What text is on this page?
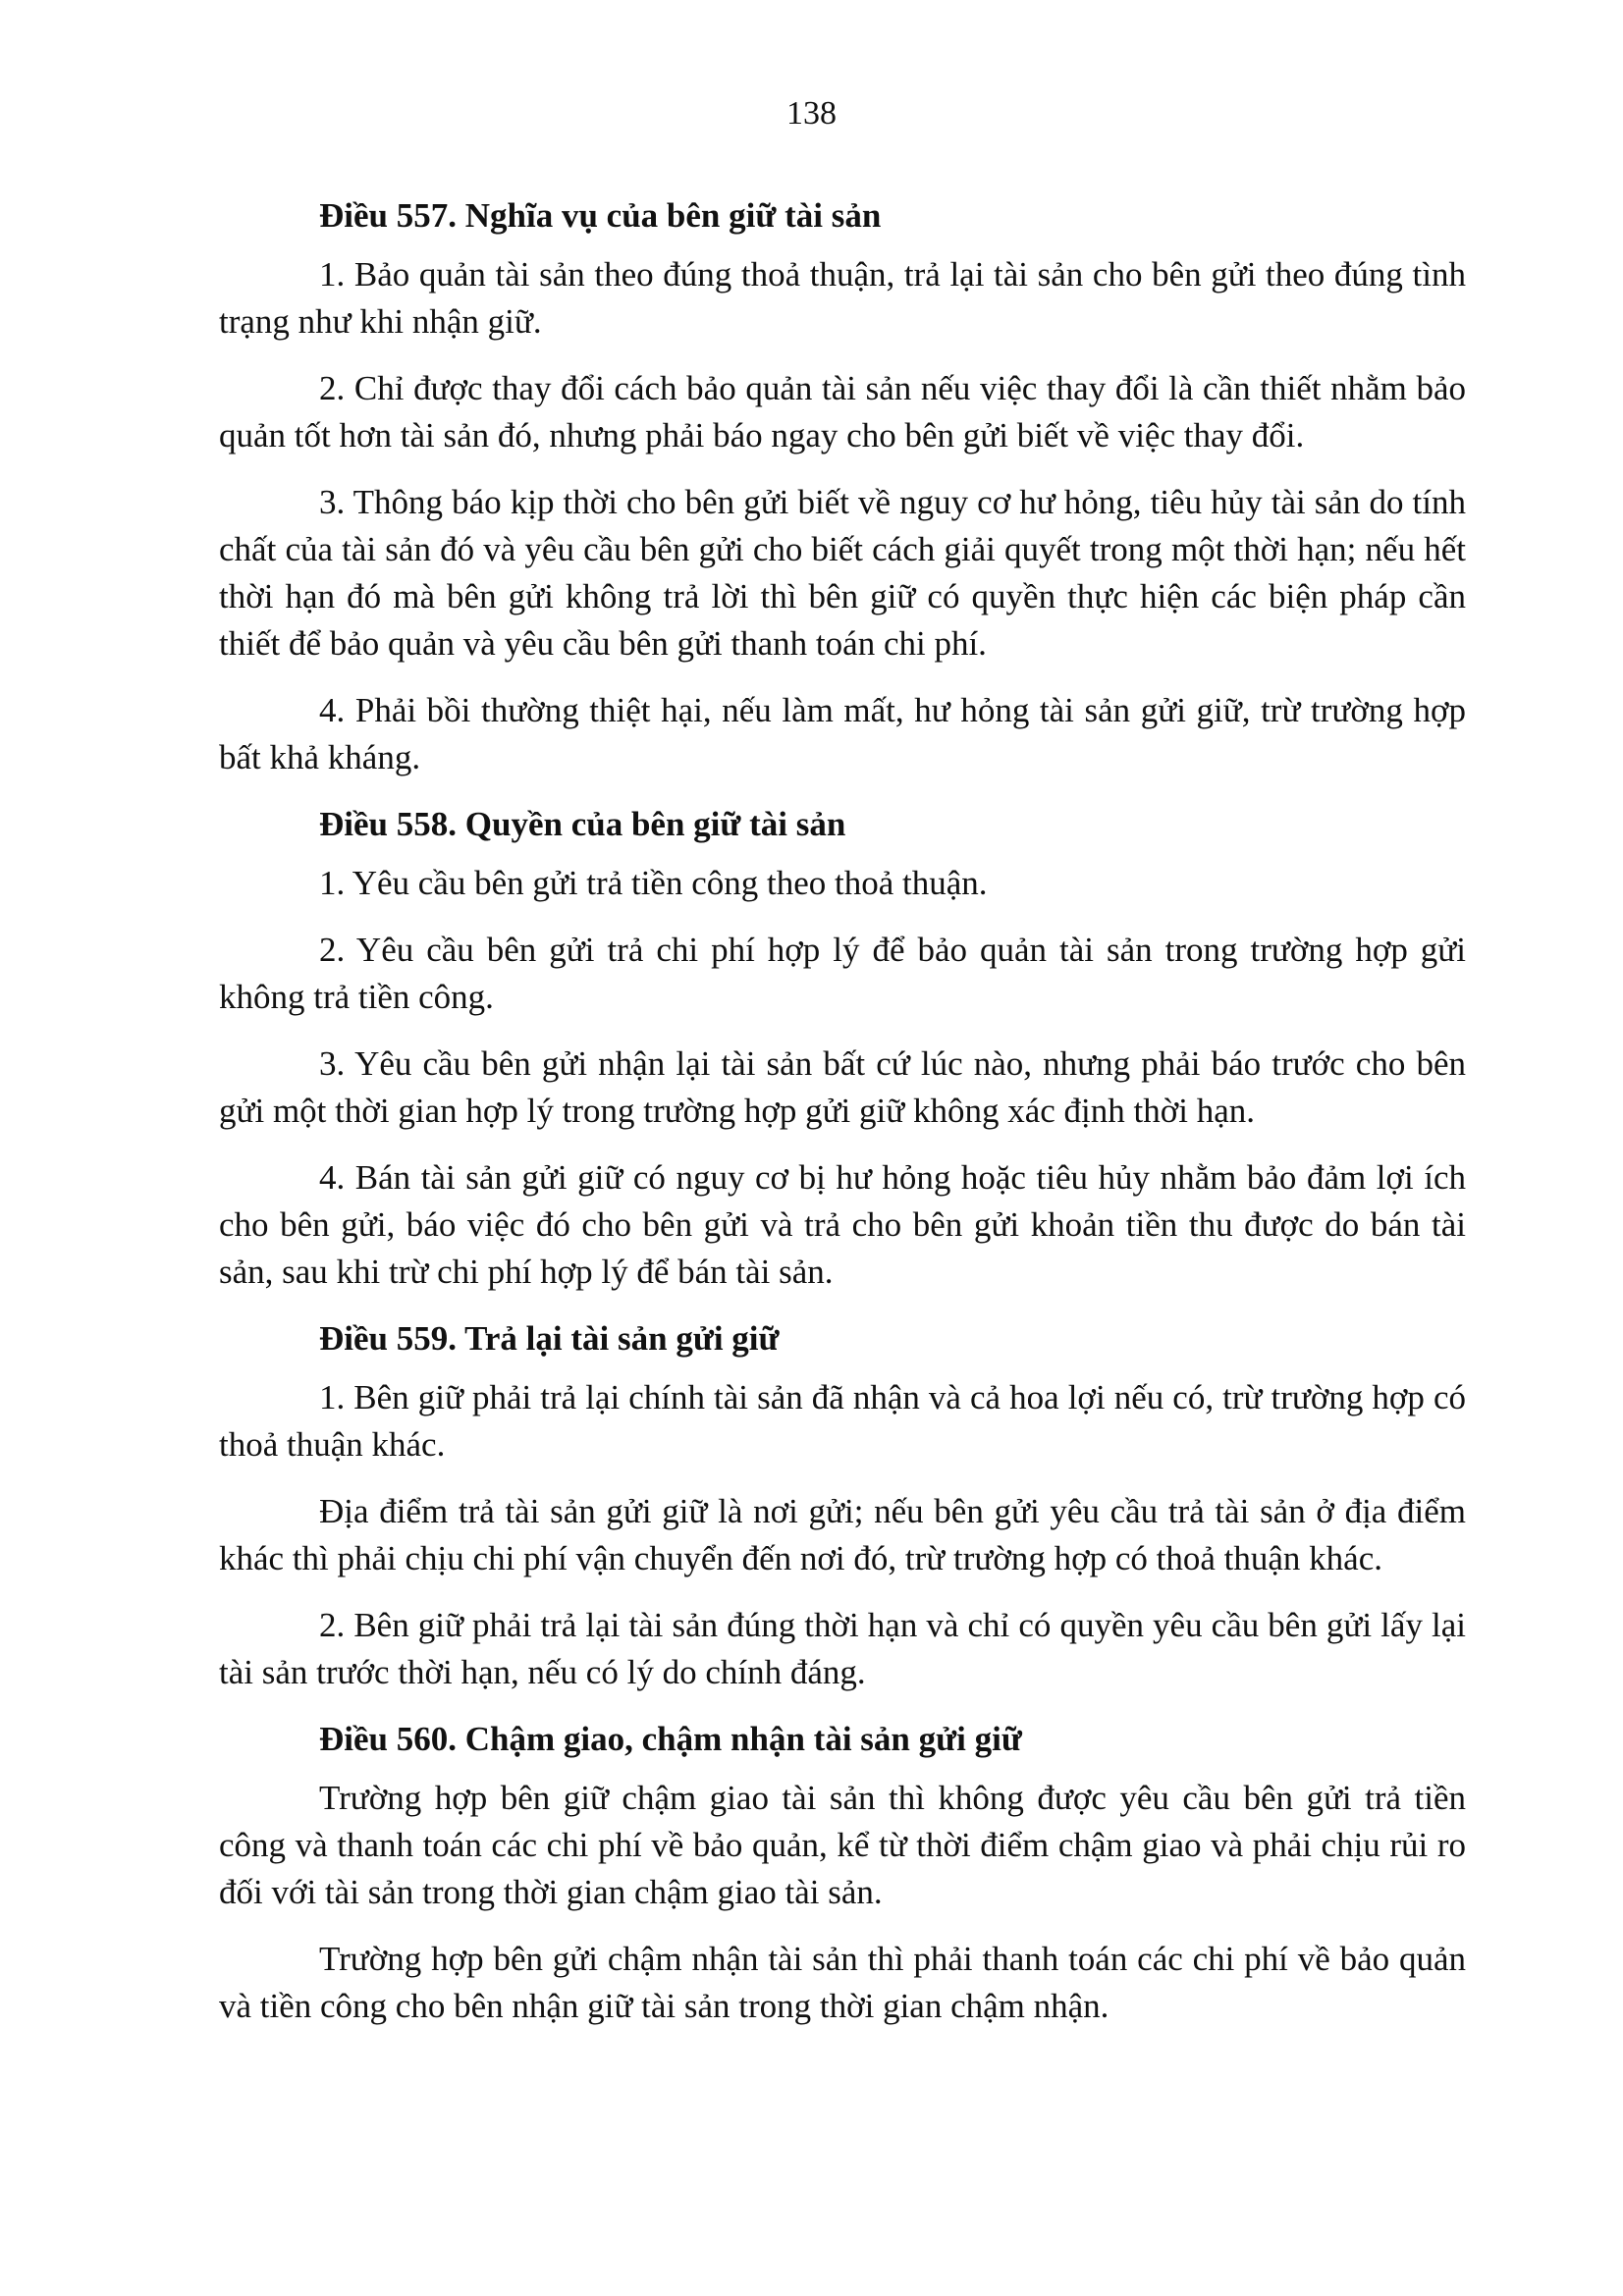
138
Điều 557. Nghĩa vụ của bên giữ tài sản

1. Bảo quản tài sản theo đúng thoả thuận, trả lại tài sản cho bên gửi theo đúng tình trạng như khi nhận giữ.

2. Chỉ được thay đổi cách bảo quản tài sản nếu việc thay đổi là cần thiết nhằm bảo quản tốt hơn tài sản đó, nhưng phải báo ngay cho bên gửi biết về việc thay đổi.

3. Thông báo kịp thời cho bên gửi biết về nguy cơ hư hỏng, tiêu hủy tài sản do tính chất của tài sản đó và yêu cầu bên gửi cho biết cách giải quyết trong một thời hạn; nếu hết thời hạn đó mà bên gửi không trả lời thì bên giữ có quyền thực hiện các biện pháp cần thiết để bảo quản và yêu cầu bên gửi thanh toán chi phí.

4. Phải bồi thường thiệt hại, nếu làm mất, hư hỏng tài sản gửi giữ, trừ trường hợp bất khả kháng.

Điều 558. Quyền của bên giữ tài sản

1. Yêu cầu bên gửi trả tiền công theo thoả thuận.

2. Yêu cầu bên gửi trả chi phí hợp lý để bảo quản tài sản trong trường hợp gửi không trả tiền công.

3. Yêu cầu bên gửi nhận lại tài sản bất cứ lúc nào, nhưng phải báo trước cho bên gửi một thời gian hợp lý trong trường hợp gửi giữ không xác định thời hạn.

4. Bán tài sản gửi giữ có nguy cơ bị hư hỏng hoặc tiêu hủy nhằm bảo đảm lợi ích cho bên gửi, báo việc đó cho bên gửi và trả cho bên gửi khoản tiền thu được do bán tài sản, sau khi trừ chi phí hợp lý để bán tài sản.

Điều 559. Trả lại tài sản gửi giữ

1. Bên giữ phải trả lại chính tài sản đã nhận và cả hoa lợi nếu có, trừ trường hợp có thoả thuận khác.

Địa điểm trả tài sản gửi giữ là nơi gửi; nếu bên gửi yêu cầu trả tài sản ở địa điểm khác thì phải chịu chi phí vận chuyển đến nơi đó, trừ trường hợp có thoả thuận khác.

2. Bên giữ phải trả lại tài sản đúng thời hạn và chỉ có quyền yêu cầu bên gửi lấy lại tài sản trước thời hạn, nếu có lý do chính đáng.

Điều 560. Chậm giao, chậm nhận tài sản gửi giữ

Trường hợp bên giữ chậm giao tài sản thì không được yêu cầu bên gửi trả tiền công và thanh toán các chi phí về bảo quản, kể từ thời điểm chậm giao và phải chịu rủi ro đối với tài sản trong thời gian chậm giao tài sản.

Trường hợp bên gửi chậm nhận tài sản thì phải thanh toán các chi phí về bảo quản và tiền công cho bên nhận giữ tài sản trong thời gian chậm nhận.
